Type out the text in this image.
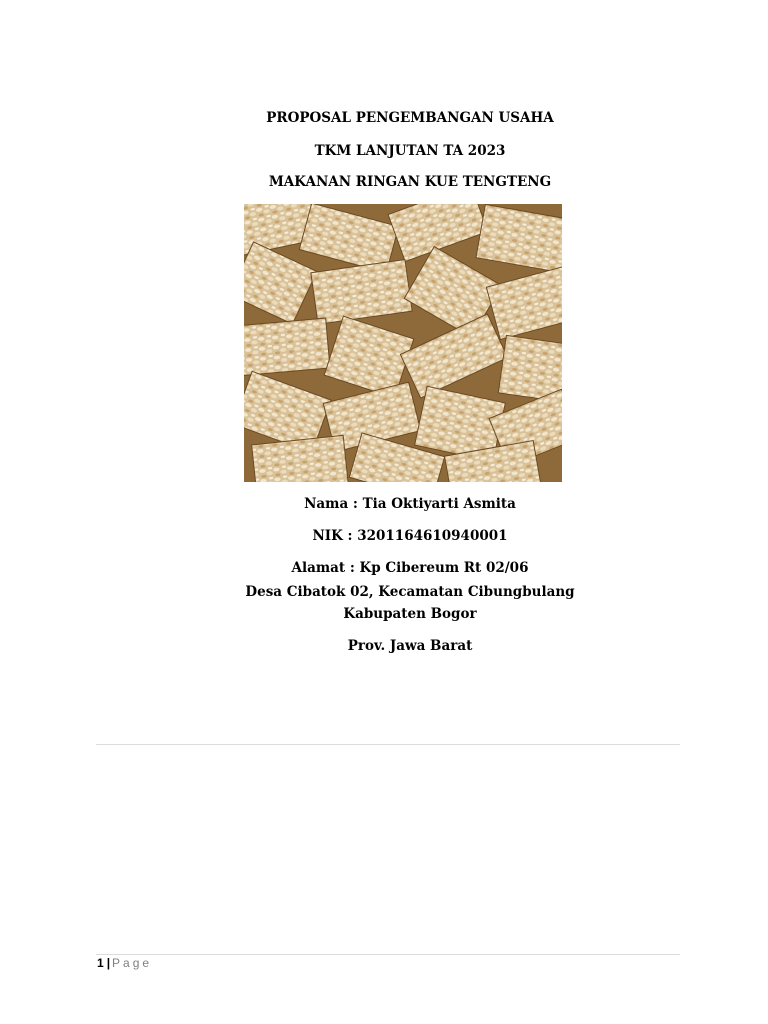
PROPOSAL PENGEMBANGAN USAHA
TKM LANJUTAN TA 2023
MAKANAN RINGAN KUE TENGTENG
Nama : Tia Oktiyarti Asmita
NIK : 3201164610940001
Alamat : Kp Cibereum Rt 02/06
Desa Cibatok 02, Kecamatan Cibungbulang
Kabupaten Bogor
Prov. Jawa Barat
1 | Page
